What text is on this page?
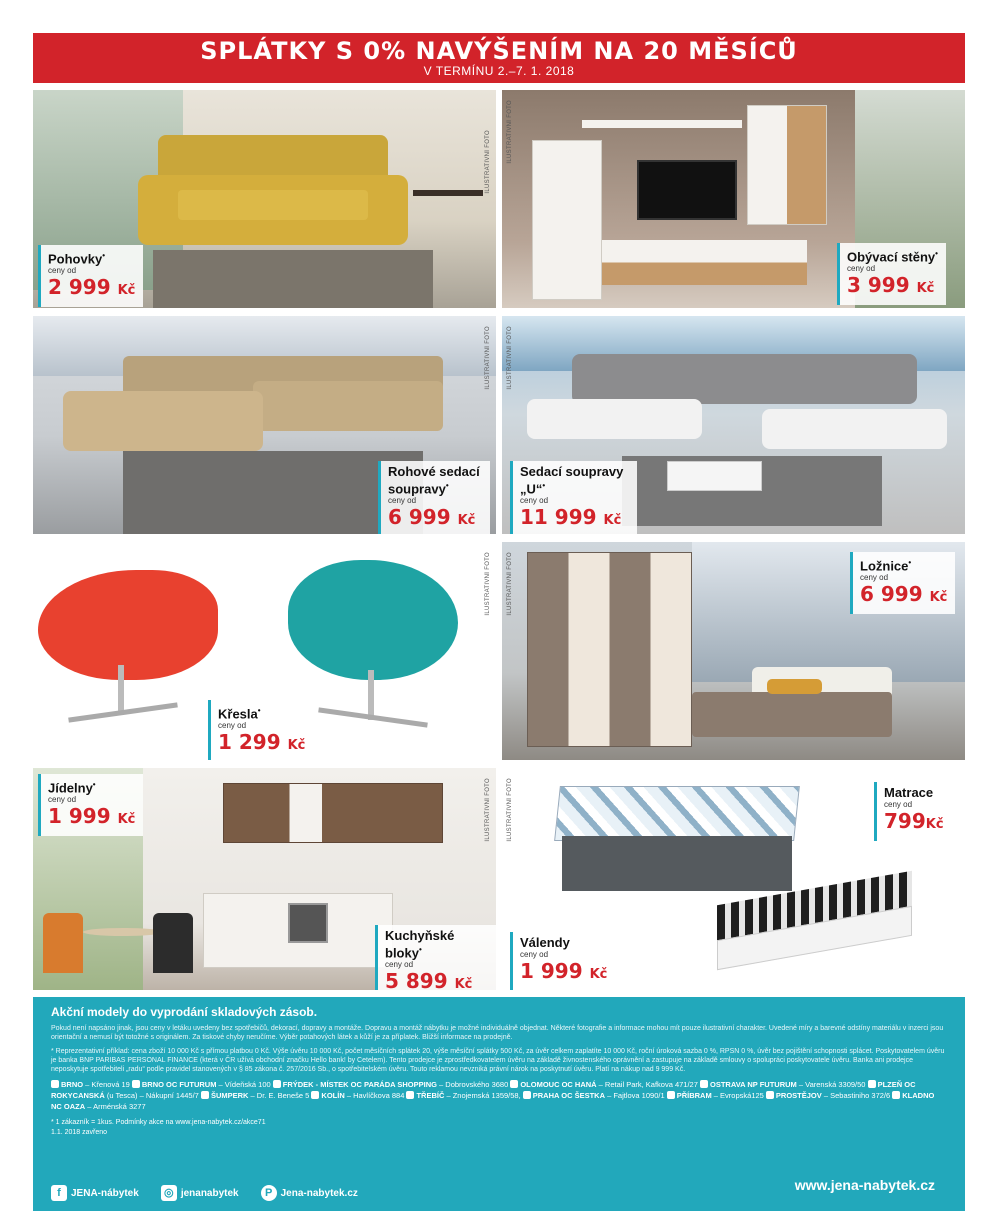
SPLÁTKY S 0% NAVÝŠENÍM NA 20 MĚSÍCŮ
V TERMÍNU 2.–7. 1. 2018
ILUSTRATIVNÍ FOTO
Pohovky•
ceny od
2 999 Kč
ILUSTRATIVNÍ FOTO
Obývací stěny•
ceny od
3 999 Kč
ILUSTRATIVNÍ FOTO
Rohové sedací soupravy•
ceny od
6 999 Kč
ILUSTRATIVNÍ FOTO
Sedací soupravy „U“•
ceny od
11 999 Kč
ILUSTRATIVNÍ FOTO
Křesla•
ceny od
1 299 Kč
ILUSTRATIVNÍ FOTO	Ložnice•
ceny od
6 999 Kč
ILUSTRATIVNÍ FOTO
Jídelny•
ceny od
1 999 Kč
Kuchyňské bloky•
ceny od
5 899 Kč
ILUSTRATIVNÍ FOTO
Válendy
ceny od
1 999 Kč
Matrace
ceny od
799Kč
Akční modely do vyprodání skladových zásob.

Pokud není napsáno jinak, jsou ceny v letáku uvedeny bez spotřebičů, dekorací, dopravy a montáže. Dopravu a montáž nábytku je možné individuálně objednat. Některé fotografie a informace mohou mít pouze ilustrativní charakter. Uvedené míry a barevné odstíny materiálu v inzerci jsou orientační a nemusí být totožné s originálem. Za tiskové chyby neručíme. Výběr potahových látek a kůží je za příplatek. Bližší informace na prodejně.

* Reprezentativní příklad: cena zboží 10 000 Kč s přímou platbou 0 Kč. Výše úvěru 10 000 Kč, počet měsíčních splátek 20, výše měsíční splátky 500 Kč, za úvěr celkem zaplatíte 10 000 Kč, roční úroková sazba 0 %, RPSN 0 %, úvěr bez pojištění schopnosti splácet. Poskytovatelem úvěru je banka BNP PARIBAS PERSONAL FINANCE (která v ČR užívá obchodní značku Hello bank! by Cetelem). Tento prodejce je zprostředkovatelem úvěru na základě živnostenského oprávnění a zastupuje na základě smlouvy o spolupráci poskytovatele úvěru. Banka ani prodejce neposkytuje spotřebiteli „radu“ podle pravidel stanovených v § 85 zákona č. 257/2016 Sb., o spotřebitelském úvěru. Touto reklamou nevzniká právní nárok na poskytnutí úvěru. Platí na nákup nad 9 999 Kč.

BRNO – Křenová 19 BRNO OC FUTURUM – Vídeňská 100 FRÝDEK - MÍSTEK OC PARÁDA SHOPPING – Dobrovského 3680 OLOMOUC OC HANÁ – Retail Park, Kafkova 471/27 OSTRAVA NP FUTURUM – Varenská 3309/50 PLZEŇ OC ROKYCANSKÁ (u Tesca) – Nákupní 1445/7 ŠUMPERK – Dr. E. Beneše 5 KOLÍN – Havlíčkova 884 TŘEBÍČ – Znojemská 1359/58, PRAHA OC ŠESTKA – Fajtlova 1090/1 PŘÍBRAM – Evropská125 PROSTĚJOV – Sebastiniho 372/6 KLADNO NC OAZA – Arménská 3277
* 1 zákazník = 1kus. Podmínky akce na www.jena-nabytek.cz/akce71
1.1. 2018 zavřeno
f	JENA-nábytek ◎ jenanabytek	P Jena-nabytek.cz	www.jena-nabytek.cz
